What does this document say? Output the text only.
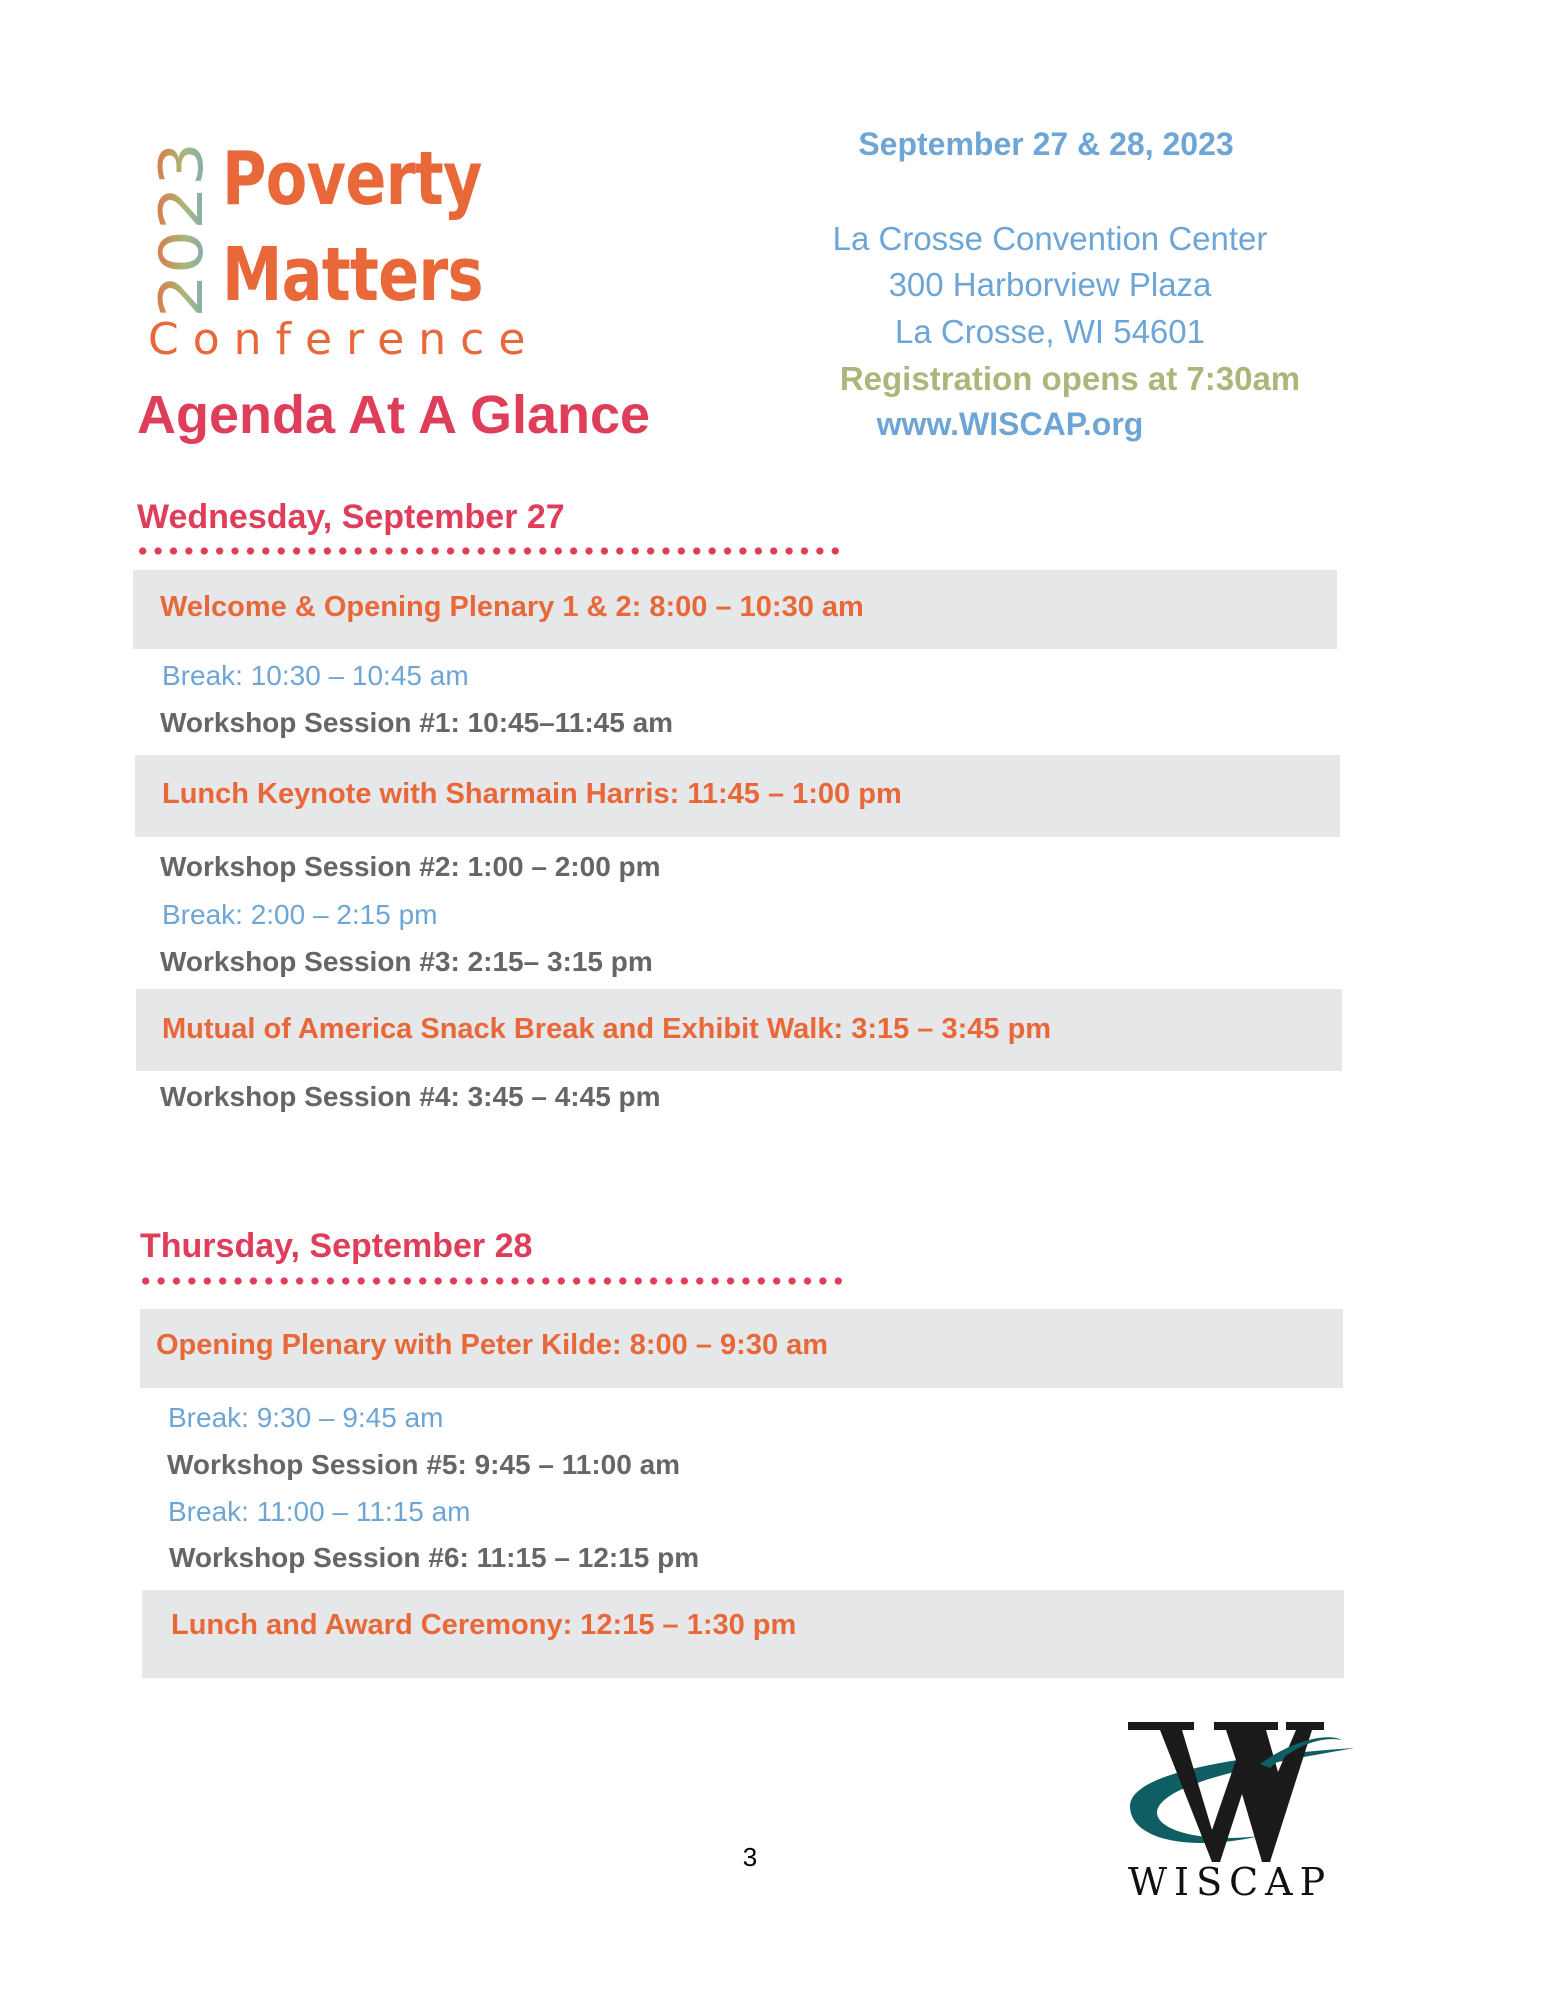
2023 Poverty
Matters
Conference
Agenda At A Glance
September 27 & 28, 2023
La Crosse Convention Center
300 Harborview Plaza
La Crosse, WI 54601
Registration opens at 7:30am
www.WISCAP.org
Wednesday, September 27
Welcome & Opening Plenary 1 & 2: 8:00 – 10:30 am
Break: 10:30 – 10:45 am
Workshop Session #1: 10:45–11:45 am
Lunch Keynote with Sharmain Harris: 11:45 – 1:00 pm
Workshop Session #2: 1:00 – 2:00 pm
Break: 2:00 – 2:15 pm
Workshop Session #3: 2:15– 3:15 pm
Mutual of America Snack Break and Exhibit Walk: 3:15 – 3:45 pm
Workshop Session #4: 3:45 – 4:45 pm
Thursday, September 28
Opening Plenary with Peter Kilde: 8:00 – 9:30 am
Break: 9:30 – 9:45 am
Workshop Session #5: 9:45 – 11:00 am
Break: 11:00 – 11:15 am
Workshop Session #6: 11:15 – 12:15 pm
Lunch and Award Ceremony: 12:15 – 1:30 pm
3
WISCAP
